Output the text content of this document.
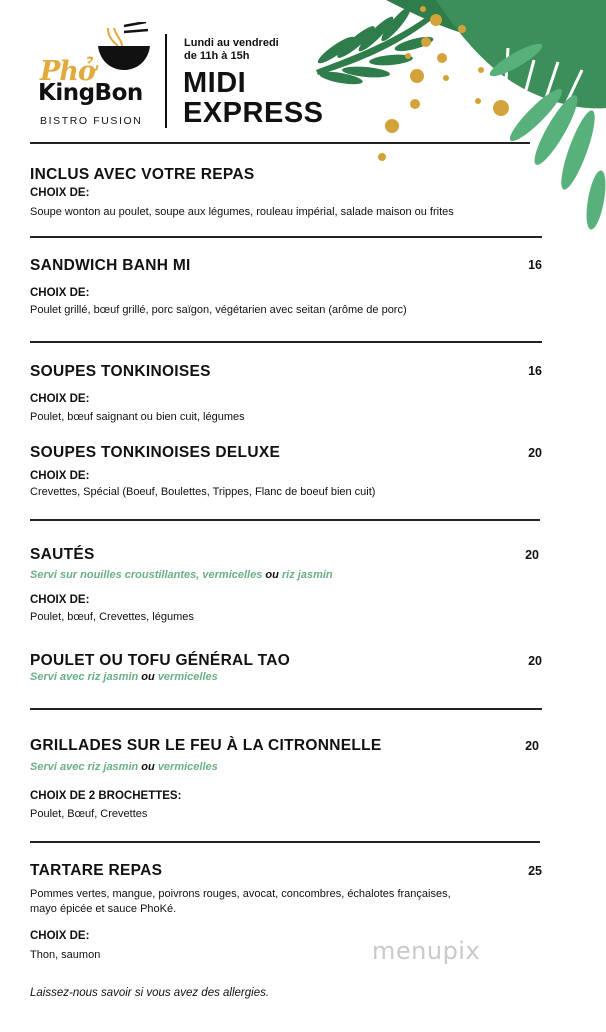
Phở
KingBon
BISTRO FUSION
Lundi au vendredi
de 11h à 15h
MIDI
EXPRESS
INCLUS AVEC VOTRE REPAS
CHOIX DE:
Soupe wonton au poulet, soupe aux légumes, rouleau impérial, salade maison ou frites
SANDWICH BANH MI	16
CHOIX DE:
Poulet grillé, bœuf grillé, porc saïgon, végétarien avec seitan (arôme de porc)
SOUPES TONKINOISES	16
CHOIX DE:
Poulet, bœuf saignant ou bien cuit, légumes
SOUPES TONKINOISES DELUXE	20
CHOIX DE:
Crevettes, Spécial (Boeuf, Boulettes, Trippes, Flanc de boeuf bien cuit)
SAUTÉS	20
Servi sur nouilles croustillantes, vermicelles ou riz jasmin
CHOIX DE:
Poulet, bœuf, Crevettes, légumes
POULET OU TOFU GÉNÉRAL TAO	20
Servi avec riz jasmin ou vermicelles
GRILLADES SUR LE FEU À LA CITRONNELLE	20
Servi avec riz jasmin ou vermicelles
CHOIX DE 2 BROCHETTES:
Poulet, Bœuf, Crevettes
TARTARE REPAS	25
Pommes vertes, mangue, poivrons rouges, avocat, concombres, échalotes françaises,
mayo épicée et sauce PhoKé.
CHOIX DE:
Thon, saumon	menupix
Laissez-nous savoir si vous avez des allergies.
